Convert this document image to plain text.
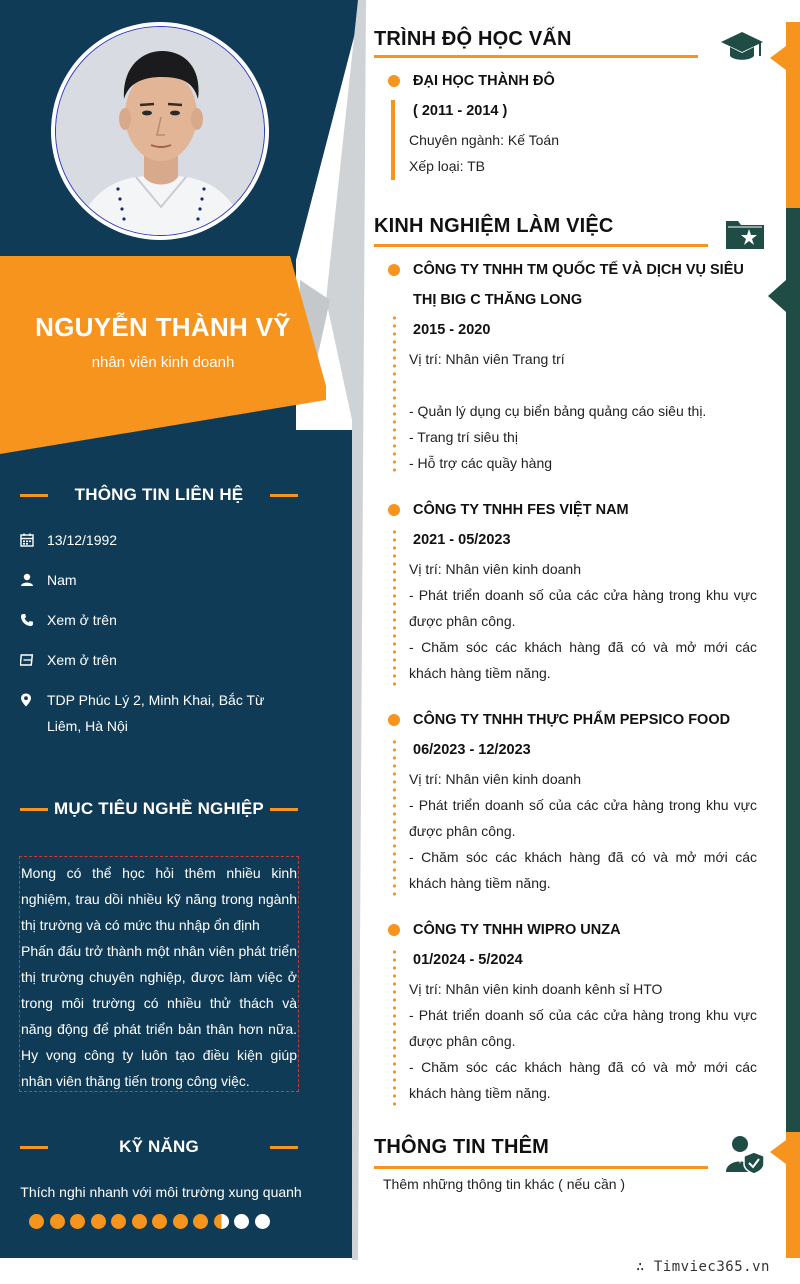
NGUYỄN THÀNH VỸ
nhân viên kinh doanh
THÔNG TIN LIÊN HỆ
13/12/1992
Nam
Xem ở trên
Xem ở trên
TDP Phúc Lý 2, Minh Khai, Bắc Từ Liêm, Hà Nội
MỤC TIÊU NGHỀ NGHIỆP
Mong có thể học hỏi thêm nhiều kinh nghiệm, trau dồi nhiều kỹ năng trong ngành thị trường và có mức thu nhập ổn định
Phấn đấu trở thành một nhân viên phát triển thị trường chuyên nghiệp, được làm việc ở trong môi trường có nhiều thử thách và năng động để phát triển bản thân hơn nữa. Hy vọng công ty luôn tạo điều kiện giúp nhân viên thăng tiến trong công việc.
KỸ NĂNG
Thích nghi nhanh với môi trường xung quanh
TRÌNH ĐỘ HỌC VẤN
ĐẠI HỌC THÀNH ĐÔ
( 2011 - 2014 )
Chuyên ngành: Kế Toán
Xếp loại: TB
KINH NGHIỆM LÀM VIỆC
CÔNG TY TNHH TM QUỐC TẾ VÀ DỊCH VỤ SIÊU
THỊ BIG C THĂNG LONG
2015 - 2020
Vị trí: Nhân viên Trang trí
- Quản lý dụng cụ biển bảng quảng cáo siêu thị.
- Trang trí siêu thị
- Hỗ trợ các quầy hàng
CÔNG TY TNHH FES VIỆT NAM
2021 - 05/2023
Vị trí: Nhân viên kinh doanh
- Phát triển doanh số của các cửa hàng trong khu vực được phân công.
- Chăm sóc các khách hàng đã có và mở mới các khách hàng tiềm năng.
CÔNG TY TNHH THỰC PHẨM PEPSICO FOOD
06/2023 - 12/2023
Vị trí: Nhân viên kinh doanh
- Phát triển doanh số của các cửa hàng trong khu vực được phân công.
- Chăm sóc các khách hàng đã có và mở mới các khách hàng tiềm năng.
CÔNG TY TNHH WIPRO UNZA
01/2024 - 5/2024
Vị trí: Nhân viên kinh doanh kênh sỉ HTO
- Phát triển doanh số của các cửa hàng trong khu vực được phân công.
- Chăm sóc các khách hàng đã có và mở mới các khách hàng tiềm năng.
THÔNG TIN THÊM
Thêm những thông tin khác ( nếu cần )
∴ Timviec365.vn
